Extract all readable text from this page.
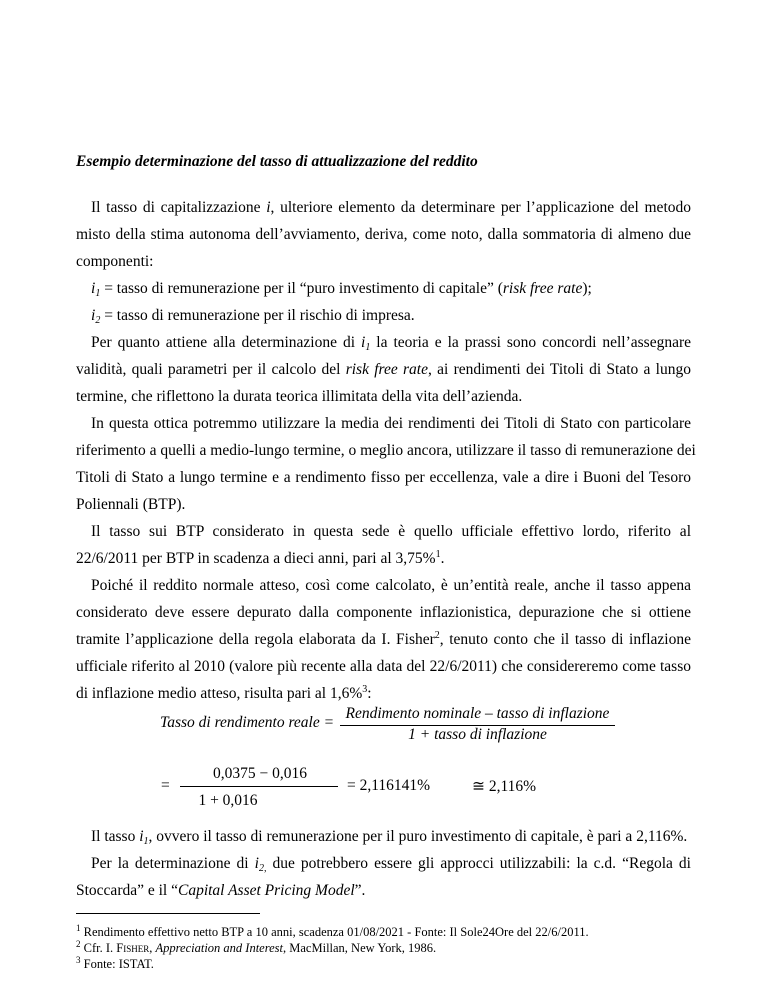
Esempio determinazione del tasso di attualizzazione del reddito
Il tasso di capitalizzazione i, ulteriore elemento da determinare per l’applicazione del metodo
misto della stima autonoma dell’avviamento, deriva, come noto, dalla sommatoria di almeno due
componenti:
$i_1$ = tasso di remunerazione per il “puro investimento di capitale” (risk free rate);
$i_2$ = tasso di remunerazione per il rischio di impresa.
Per quanto attiene alla determinazione di $i_1$ la teoria e la prassi sono concordi nell’assegnare
validità, quali parametri per il calcolo del risk free rate, ai rendimenti dei Titoli di Stato a lungo
termine, che riflettono la durata teorica illimitata della vita dell’azienda.
In questa ottica potremmo utilizzare la media dei rendimenti dei Titoli di Stato con particolare
riferimento a quelli a medio-lungo termine, o meglio ancora, utilizzare il tasso di remunerazione dei
Titoli di Stato a lungo termine e a rendimento fisso per eccellenza, vale a dire i Buoni del Tesoro
Poliennali (BTP).
Il tasso sui BTP considerato in questa sede è quello ufficiale effettivo lordo, riferito al
22/6/2011 per BTP in scadenza a dieci anni, pari al 3,75%$^1$.
Poiché il reddito normale atteso, così come calcolato, è un’entità reale, anche il tasso appena
considerato deve essere depurato dalla componente inflazionistica, depurazione che si ottiene
tramite l’applicazione della regola elaborata da I. Fisher$^2$, tenuto conto che il tasso di inflazione
ufficiale riferito al 2010 (valore più recente alla data del 22/6/2011) che considereremo come tasso
di inflazione medio atteso, risulta pari al 1,6%$^3$:
Tasso di rendimento reale =
Rendimento nominale – tasso di inflazione
1 + tasso di inflazione
=
0,0375 − 0,016
1 + 0,016
= 2,116141%	≅ 2,116%
Il tasso $i_1$, ovvero il tasso di remunerazione per il puro investimento di capitale, è pari a 2,116%.
Per la determinazione di $i_{2,}$ due potrebbero essere gli approcci utilizzabili: la c.d. “Regola di
Stoccarda” e il “Capital Asset Pricing Model”.
$^1$ Rendimento effettivo netto BTP a 10 anni, scadenza 01/08/2021 - Fonte: Il Sole24Ore del 22/6/2011.
$^2$ Cfr. I. Fisher, Appreciation and Interest, MacMillan, New York, 1986.
$^3$ Fonte: ISTAT.
